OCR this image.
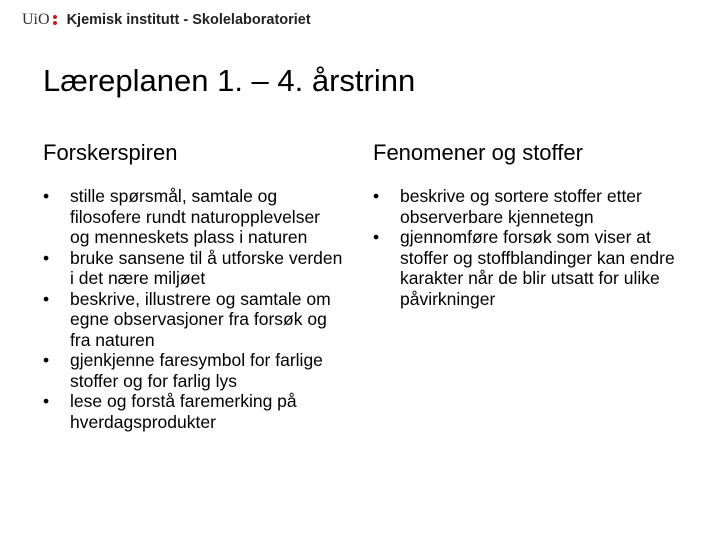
UiO Kjemisk institutt - Skolelaboratoriet
Læreplanen 1. – 4. årstrinn
Forskerspiren
• stille spørsmål, samtale og filosofere rundt naturopplevelser og menneskets plass i naturen
• bruke sansene til å utforske verden i det nære miljøet
• beskrive, illustrere og samtale om egne observasjoner fra forsøk og fra naturen
• gjenkjenne faresymbol for farlige stoffer og for farlig lys
• lese og forstå faremerking på hverdagsprodukter
Fenomener og stoffer
• beskrive og sortere stoffer etter observerbare kjennetegn
• gjennomføre forsøk som viser at stoffer og stoffblandinger kan endre karakter når de blir utsatt for ulike påvirkninger
